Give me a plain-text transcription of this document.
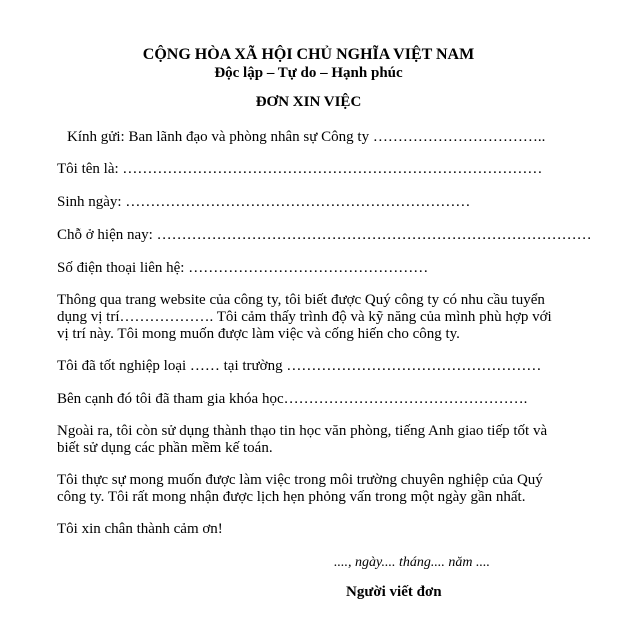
CỘNG HÒA XÃ HỘI CHỦ NGHĨA VIỆT NAM
Độc lập – Tự do – Hạnh phúc
ĐƠN XIN VIỆC
Kính gửi: Ban lãnh đạo và phòng nhân sự Công ty ……………………………..
Tôi tên là: …………………………………………………………………………
Sinh ngày: ……………………………………………………………
Chỗ ở hiện nay: ……………………………………………………………………………
Số điện thoại liên hệ: …………………………………………
Thông qua trang website của công ty, tôi biết được Quý công ty có nhu cầu tuyển
dụng vị trí………………. Tôi cảm thấy trình độ và kỹ năng của mình phù hợp với
vị trí này. Tôi mong muốn được làm việc và cống hiến cho công ty.
Tôi đã tốt nghiệp loại …… tại trường ……………………………………………
Bên cạnh đó tôi đã tham gia khóa học………………………………………….
Ngoài ra, tôi còn sử dụng thành thạo tin học văn phòng, tiếng Anh giao tiếp tốt và
biết sử dụng các phần mềm kế toán.
Tôi thực sự mong muốn được làm việc trong môi trường chuyên nghiệp của Quý
công ty. Tôi rất mong nhận được lịch hẹn phỏng vấn trong một ngày gần nhất.
Tôi xin chân thành cảm ơn!
...., ngày.... tháng.... năm ....
Người viết đơn
